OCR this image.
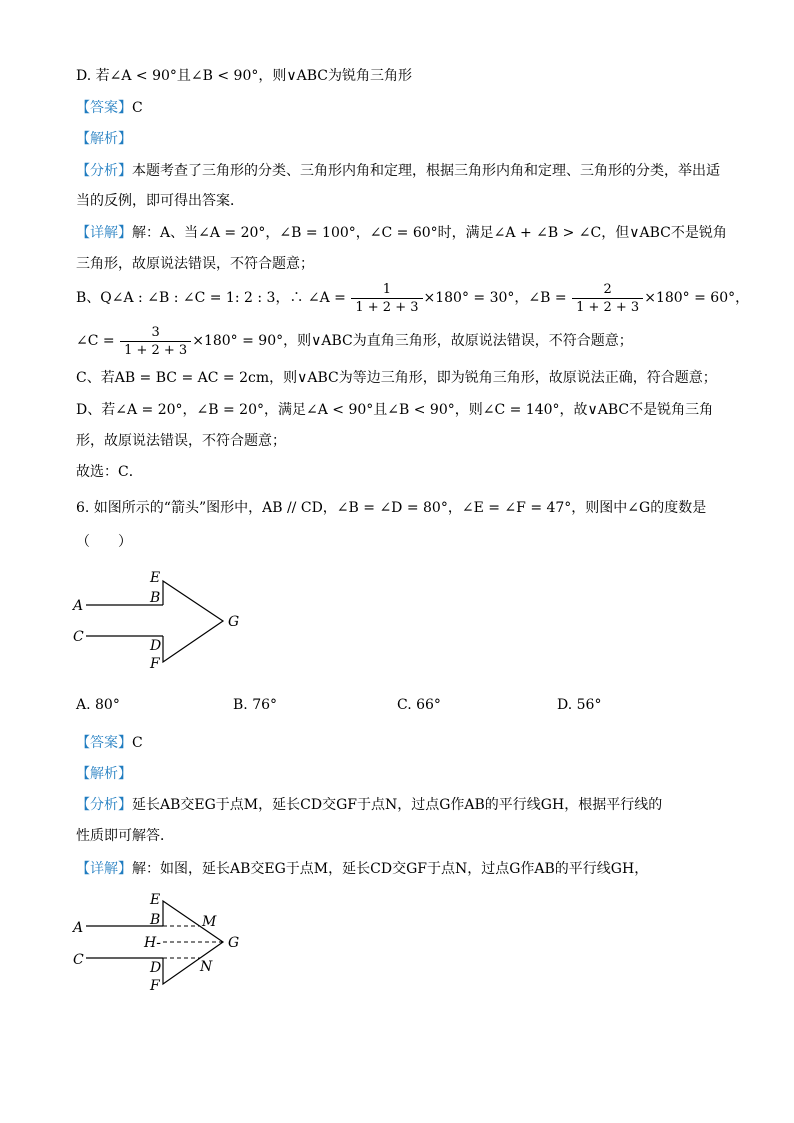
D. 若∠A < 90°且∠B < 90°，则∨ABC为锐角三角形
【答案】C
【解析】
【分析】本题考查了三角形的分类、三角形内角和定理，根据三角形内角和定理、三角形的分类，举出适
当的反例，即可得出答案．
【详解】解：A、当∠A = 20°，∠B = 100°，∠C = 60°时，满足∠A + ∠B > ∠C，但∨ABC不是锐角
三角形，故原说法错误，不符合题意；
B、Q∠A : ∠B : ∠C = 1: 2 : 3，∴ ∠A = $\frac{1}{1 + 2 + 3} \times 180^\circ = 30^\circ$，∠B = $\frac{2}{1 + 2 + 3} \times 180^\circ = 60^\circ$，
∠C = $\frac{3}{1 + 2 + 3} \times 180^\circ = 90^\circ$，则∨ABC为直角三角形，故原说法错误，不符合题意；
C、若AB = BC = AC = 2cm，则∨ABC为等边三角形，即为锐角三角形，故原说法正确，符合题意；
D、若∠A = 20°，∠B = 20°，满足∠A < 90°且∠B < 90°，则∠C = 140°，故∨ABC不是锐角三角
形，故原说法错误，不符合题意；
故选：C．
6. 如图所示的“箭头”图形中，AB // CD，∠B = ∠D = 80°，∠E = ∠F = 47°，则图中∠G的度数是
（　　）
E
B
A
C
G
D
F
A. 80°	B. 76°	C. 66°	D. 56°
【答案】C
【解析】
【分析】延长AB交EG于点M，延长CD交GF于点N，过点G作AB的平行线GH，根据平行线的
性质即可解答．
【详解】解：如图，延长AB交EG于点M，延长CD交GF于点N，过点G作AB的平行线GH，
E
B	M
A
H-	G
C	D	N
F
